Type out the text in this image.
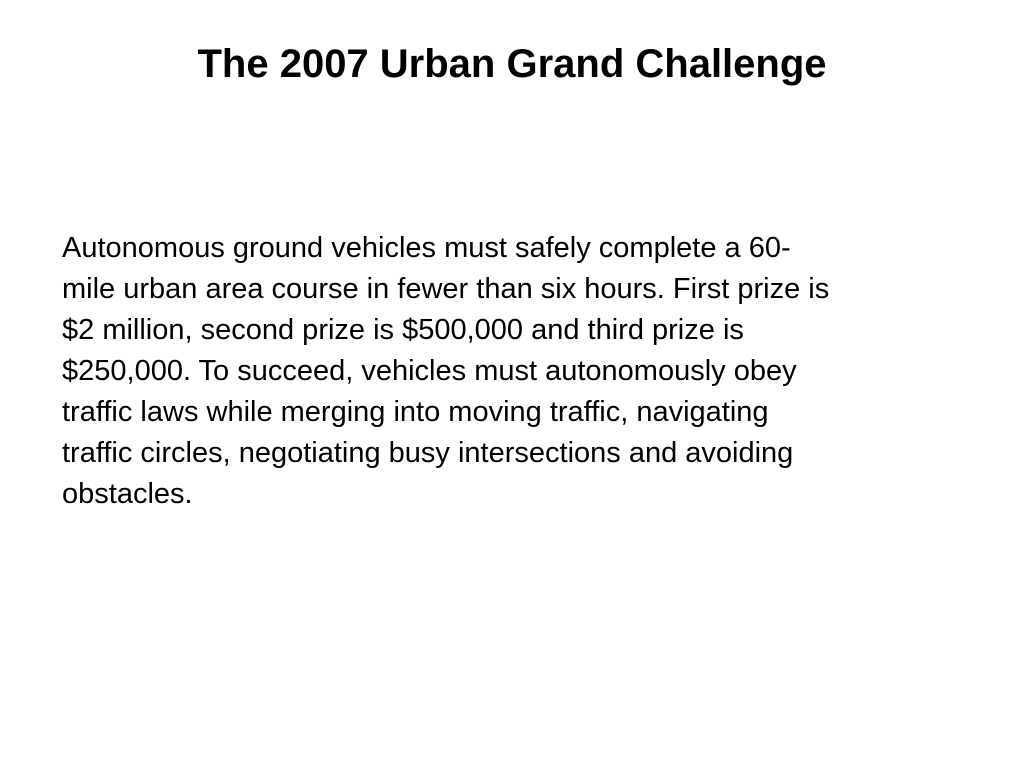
The 2007 Urban Grand Challenge

Autonomous ground vehicles must safely complete a 60-
mile urban area course in fewer than six hours. First prize is
$2 million, second prize is $500,000 and third prize is
$250,000. To succeed, vehicles must autonomously obey
traffic laws while merging into moving traffic, navigating
traffic circles, negotiating busy intersections and avoiding
obstacles.
